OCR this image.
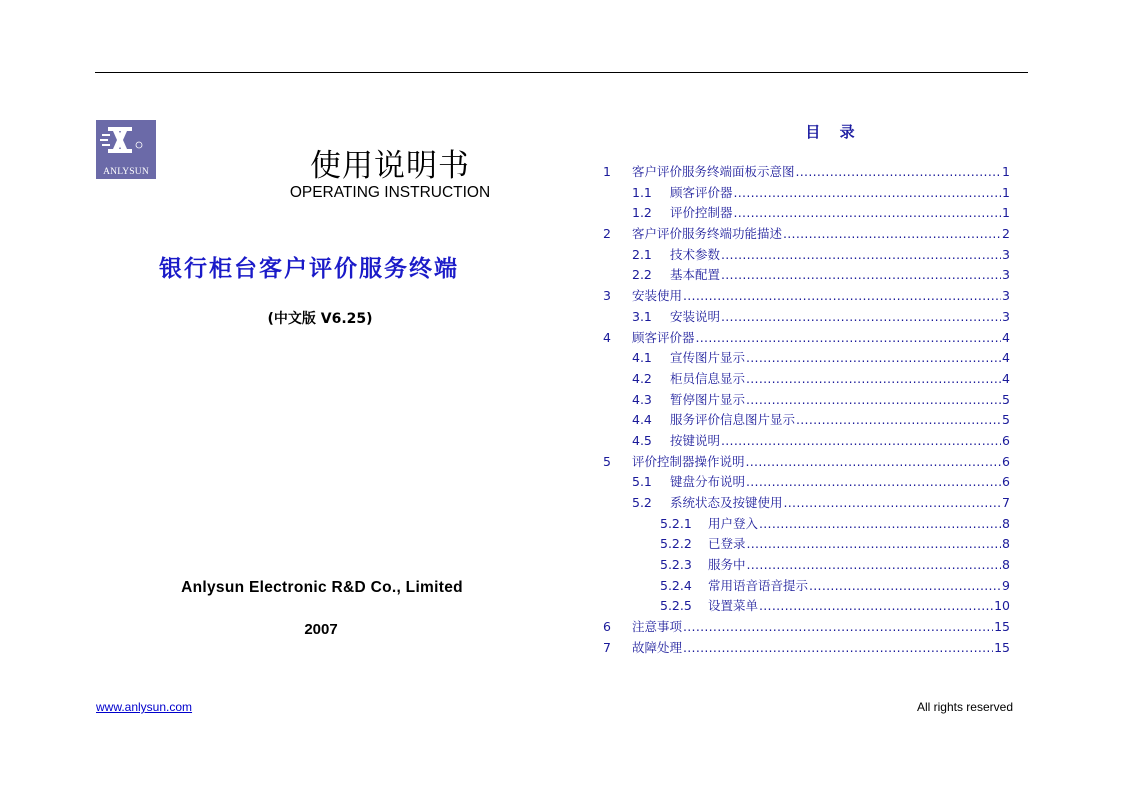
ANLYSUN	使用说明书
OPERATING INSTRUCTION
银行柜台客户评价服务终端
(中文版 V6.25)
Anlysun Electronic R&D Co., Limited
2007
目 录
1	客户评价服务终端面板示意图 .....	1
1.1	顾客评价器 .....	1
1.2	评价控制器 .....	1
2	客户评价服务终端功能描述 .....	2
2.1	技术参数 .....	3
2.2	基本配置 .....	3
3	安装使用 .....	3
3.1	安装说明 .....	3
4	顾客评价器 .....	4
4.1	宣传图片显示 .....	4
4.2	柜员信息显示 .....	4
4.3	暂停图片显示 .....	5
4.4	服务评价信息图片显示 .....	5
4.5	按键说明 .....	6
5	评价控制器操作说明 .....	6
5.1	键盘分布说明 .....	6
5.2	系统状态及按键使用 .....	7
5.2.1	用户登入 .....	8
5.2.2	已登录 .....	8
5.2.3	服务中 .....	8
5.2.4	常用语音语音提示 .....	9
5.2.5	设置菜单 .....	10
6	注意事项 .....	15
7	故障处理 .....	15
www.anlysun.com	All rights reserved
